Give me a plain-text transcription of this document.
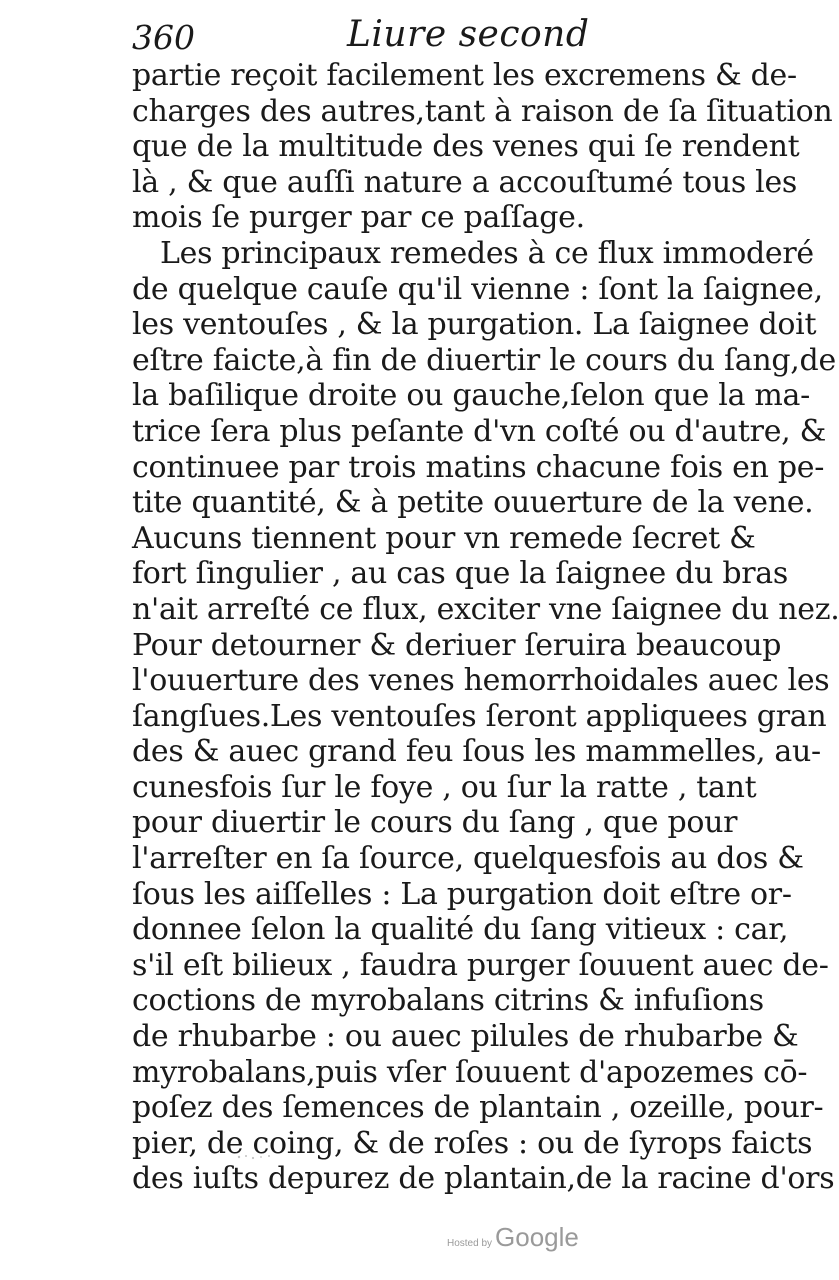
360	Liure second
partie reçoit facilement les excremens & de-
charges des autres,tant à raison de ſa ſituation
que de la multitude des venes qui ſe rendent
là , & que auſſi nature a accouſtumé tous les
mois ſe purger par ce paſſage.
Les principaux remedes à ce flux immoderé
de quelque cauſe qu'il vienne : ſont la ſaignee,
les ventouſes , & la purgation. La ſaignee doit
eſtre faicte,à fin de diuertir le cours du ſang,de
la baſilique droite ou gauche,ſelon que la ma-
trice ſera plus peſante d'vn coſté ou d'autre, &
continuee par trois matins chacune fois en pe-
tite quantité, & à petite ouuerture de la vene.
Aucuns tiennent pour vn remede ſecret &
fort ſingulier , au cas que la ſaignee du bras
n'ait arreſté ce flux, exciter vne ſaignee du nez.
Pour detourner & deriuer ſeruira beaucoup
l'ouuerture des venes hemorrhoidales auec les
ſangſues.Les ventouſes ſeront appliquees gran
des & auec grand feu ſous les mammelles, au-
cunesfois ſur le foye , ou ſur la ratte , tant
pour diuertir le cours du ſang , que pour
l'arreſter en ſa ſource, quelquesfois au dos &
ſous les aiſſelles : La purgation doit eſtre or-
donnee ſelon la qualité du ſang vitieux : car,
s'il eſt bilieux , faudra purger ſouuent auec de-
coctions de myrobalans citrins & infuſions
de rhubarbe : ou auec pilules de rhubarbe &
myrobalans,puis vſer ſouuent d'apozemes cō-
poſez des ſemences de plantain , ozeille, pour-
pier, de coing, & de roſes : ou de ſyrops faicts
des iuſts depurez de plantain,de la racine d'ors
Hosted by Google
